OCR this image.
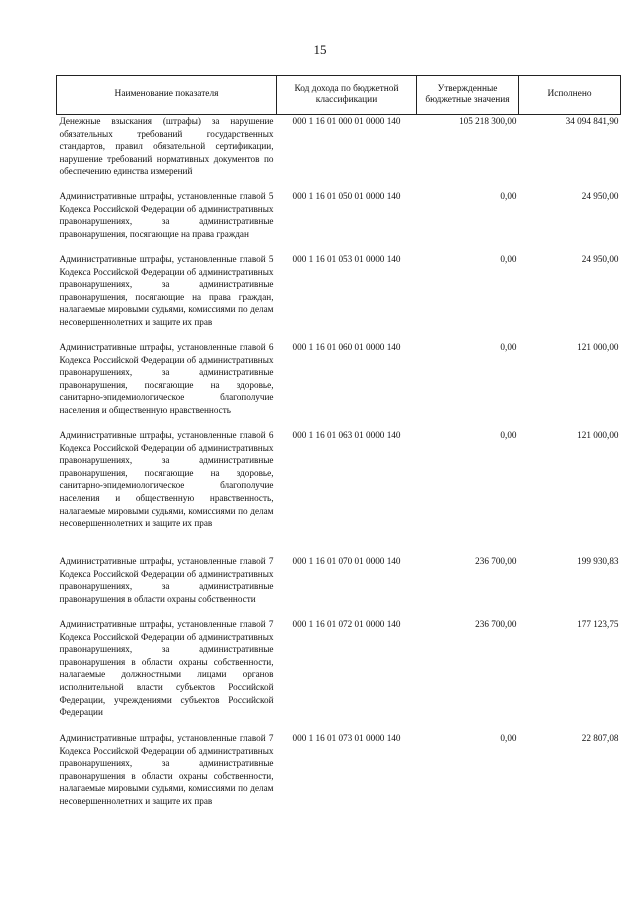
15
Наименование показателя	Код дохода по бюджетной классификации	Утвержденные бюджетные значения	Исполнено
Денежные взыскания (штрафы) за нарушение обязательных требований государственных стандартов, правил обязательной сертификации, нарушение требований нормативных документов по обеспечению единства измерений	000 1 16 01 000 01 0000 140	105 218 300,00	34 094 841,90
Административные штрафы, установленные главой 5 Кодекса Российской Федерации об административных правонарушениях, за административные правонарушения, посягающие на права граждан	000 1 16 01 050 01 0000 140	0,00	24 950,00
Административные штрафы, установленные главой 5 Кодекса Российской Федерации об административных правонарушениях, за административные правонарушения, посягающие на права граждан, налагаемые мировыми судьями, комиссиями по делам несовершеннолетних и защите их прав	000 1 16 01 053 01 0000 140	0,00	24 950,00
Административные штрафы, установленные главой 6 Кодекса Российской Федерации об административных правонарушениях, за административные правонарушения, посягающие на здоровье, санитарно-эпидемиологическое благополучие населения и общественную нравственность	000 1 16 01 060 01 0000 140	0,00	121 000,00
Административные штрафы, установленные главой 6 Кодекса Российской Федерации об административных правонарушениях, за административные правонарушения, посягающие на здоровье, санитарно-эпидемиологическое благополучие населения и общественную нравственность, налагаемые мировыми судьями, комиссиями по делам несовершеннолетних и защите их прав	000 1 16 01 063 01 0000 140	0,00	121 000,00
Административные штрафы, установленные главой 7 Кодекса Российской Федерации об административных правонарушениях, за административные правонарушения в области охраны собственности	000 1 16 01 070 01 0000 140	236 700,00	199 930,83
Административные штрафы, установленные главой 7 Кодекса Российской Федерации об административных правонарушениях, за административные правонарушения в области охраны собственности, налагаемые должностными лицами органов исполнительной власти субъектов Российской Федерации, учреждениями субъектов Российской Федерации	000 1 16 01 072 01 0000 140	236 700,00	177 123,75
Административные штрафы, установленные главой 7 Кодекса Российской Федерации об административных правонарушениях, за административные правонарушения в области охраны собственности, налагаемые мировыми судьями, комиссиями по делам несовершеннолетних и защите их прав	000 1 16 01 073 01 0000 140	0,00	22 807,08
